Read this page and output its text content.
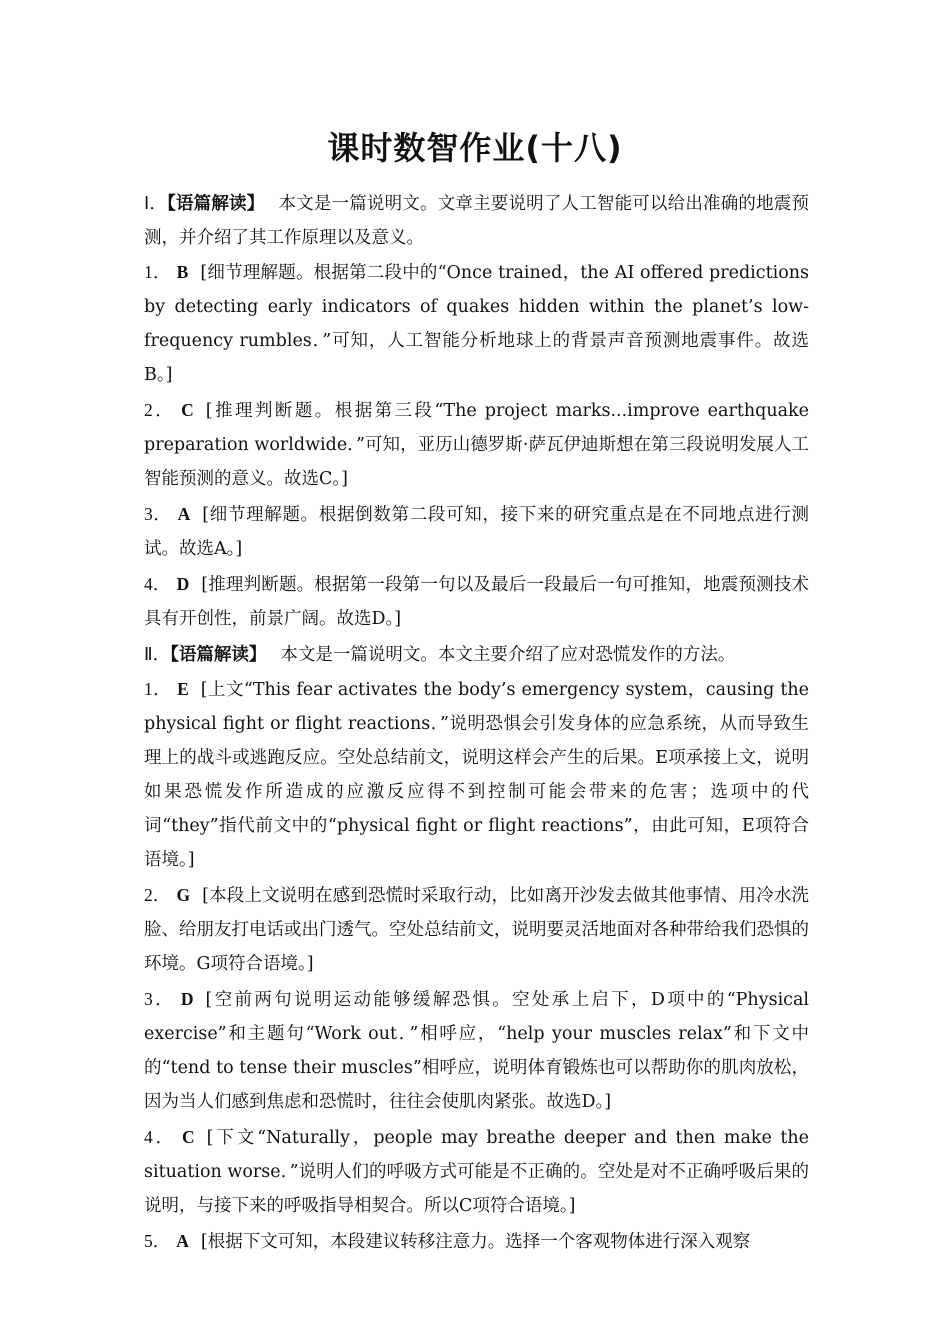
课时数智作业(十八)

Ⅰ．【语篇解读】 本文是一篇说明文。文章主要说明了人工智能可以给出准确的地震预测，并介绍了其工作原理以及意义。

1． B [细节理解题。根据第二段中的“Once trained，the AI offered predictions by detecting early indicators of quakes hidden within the planet’s low-frequency rumbles．”可知，人工智能分析地球上的背景声音预测地震事件。故选B。]

2． C [推理判断题。根据第三段“The project marks...improve earthquake preparation worldwide．”可知，亚历山德罗斯·萨瓦伊迪斯想在第三段说明发展人工智能预测的意义。故选C。]

3． A [细节理解题。根据倒数第二段可知，接下来的研究重点是在不同地点进行测试。故选A。]

4． D [推理判断题。根据第一段第一句以及最后一段最后一句可推知，地震预测技术具有开创性，前景广阔。故选D。]

Ⅱ．【语篇解读】 本文是一篇说明文。本文主要介绍了应对恐慌发作的方法。

1． E [上文“This fear activates the body’s emergency system，causing the physical fight or flight reactions．”说明恐惧会引发身体的应急系统，从而导致生理上的战斗或逃跑反应。空处总结前文，说明这样会产生的后果。E项承接上文，说明如果恐慌发作所造成的应激反应得不到控制可能会带来的危害；选项中的代词“they”指代前文中的“physical fight or flight reactions”，由此可知，E项符合语境。]

2． G [本段上文说明在感到恐慌时采取行动，比如离开沙发去做其他事情、用冷水洗脸、给朋友打电话或出门透气。空处总结前文，说明要灵活地面对各种带给我们恐惧的环境。G项符合语境。]

3． D [空前两句说明运动能够缓解恐惧。空处承上启下，D项中的“Physical exercise”和主题句“Work out．”相呼应，“help your muscles relax”和下文中的“tend to tense their muscles”相呼应，说明体育锻炼也可以帮助你的肌肉放松，因为当人们感到焦虑和恐慌时，往往会使肌肉紧张。故选D。]

4． C [下文“Naturally，people may breathe deeper and then make the situation worse．”说明人们的呼吸方式可能是不正确的。空处是对不正确呼吸后果的说明，与接下来的呼吸指导相契合。所以C项符合语境。]

5． A [根据下文可知，本段建议转移注意力。选择一个客观物体进行深入观察
